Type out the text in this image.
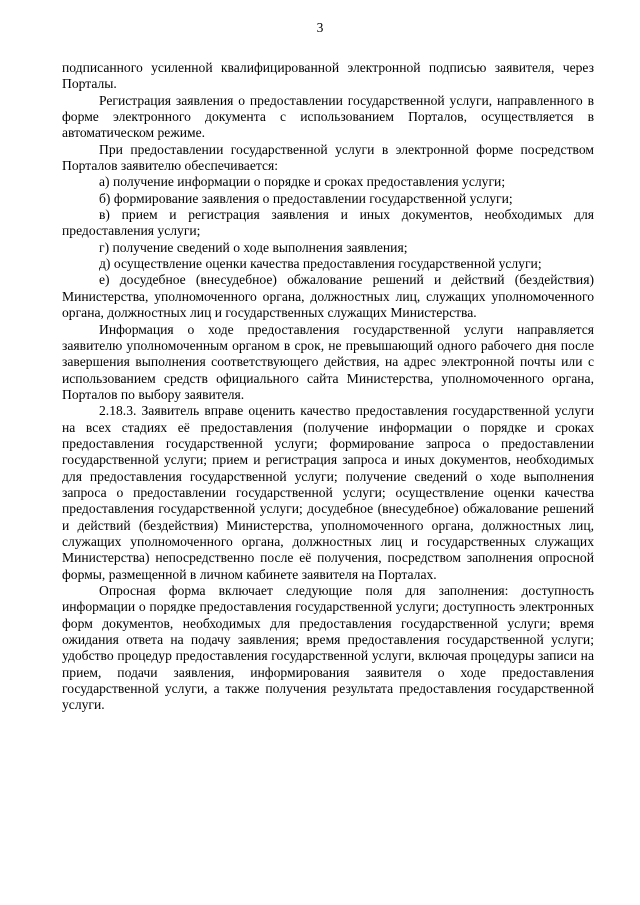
3

подписанного усиленной квалифицированной электронной подписью заявителя, через Порталы.

Регистрация заявления о предоставлении государственной услуги, направленного в форме электронного документа с использованием Порталов, осуществляется в автоматическом режиме.

При предоставлении государственной услуги в электронной форме посредством Порталов заявителю обеспечивается:

а) получение информации о порядке и сроках предоставления услуги;

б) формирование заявления о предоставлении государственной услуги;

в) прием и регистрация заявления и иных документов, необходимых для предоставления услуги;

г) получение сведений о ходе выполнения заявления;

д) осуществление оценки качества предоставления государственной услуги;

е) досудебное (внесудебное) обжалование решений и действий (бездействия) Министерства, уполномоченного органа, должностных лиц, служащих уполномоченного органа, должностных лиц и государственных служащих Министерства.

Информация о ходе предоставления государственной услуги направляется заявителю уполномоченным органом в срок, не превышающий одного рабочего дня после завершения выполнения соответствующего действия, на адрес электронной почты или с использованием средств официального сайта Министерства, уполномоченного органа, Порталов по выбору заявителя.

2.18.3. Заявитель вправе оценить качество предоставления государственной услуги на всех стадиях её предоставления (получение информации о порядке и сроках предоставления государственной услуги; формирование запроса о предоставлении государственной услуги; прием и регистрация запроса и иных документов, необходимых для предоставления государственной услуги; получение сведений о ходе выполнения запроса о предоставлении государственной услуги; осуществление оценки качества предоставления государственной услуги; досудебное (внесудебное) обжалование решений и действий (бездействия) Министерства, уполномоченного органа, должностных лиц, служащих уполномоченного органа, должностных лиц и государственных служащих Министерства) непосредственно после её получения, посредством заполнения опросной формы, размещенной в личном кабинете заявителя на Порталах.

Опросная форма включает следующие поля для заполнения: доступность информации о порядке предоставления государственной услуги; доступность электронных форм документов, необходимых для предоставления государственной услуги; время ожидания ответа на подачу заявления; время предоставления государственной услуги; удобство процедур предоставления государственной услуги, включая процедуры записи на прием, подачи заявления, информирования заявителя о ходе предоставления государственной услуги, а также получения результата предоставления государственной услуги.
